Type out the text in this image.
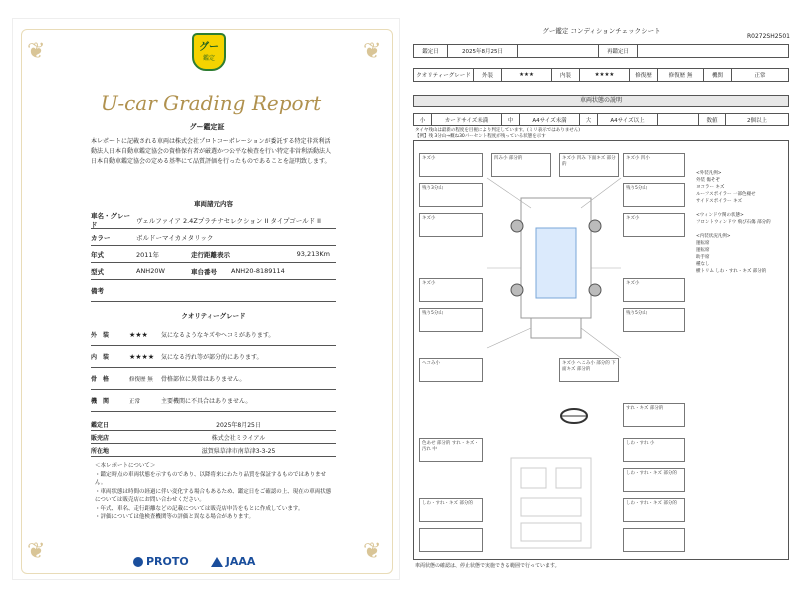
❦	❦
❦	❦
グー
鑑定
U-car Grading Report
グー鑑定証
本レポートに記載される車両は株式会社プロトコーポレーションが委託する特定非営利活動法人日本自動車鑑定協会の資格保有者が厳選かつ公平な検査を行い特定非営利活動法人日本自動車鑑定協会の定める基準にて品質評価を行ったものであることを証明致します。
車両諸元内容
車名・グレード
ヴェルファイア 2.4Zプラチナセレクション II タイプゴールド II
カラー	ボルドーマイカメタリック
年式	2011年	走行距離表示	93,213Km
型式	ANH20W	車台番号	ANH20-8189114
備考
クオリティーグレード
外　装	★★★	気になるようなキズやヘコミがあります。
内　装	★★★★	気になる汚れ等が部分的にあります。
骨　格	修復歴 無	骨格部位に異常はありません。
機　関	正常	主要機関に不具合はありません。
鑑定日	2025年8月25日
販売店	株式会社ミライアル
所在地	滋賀県草津市南草津3-3-25
＜本レポートについて＞
・鑑定時点の車両状態を示すものであり、以降将来にわたり品質を保証するものではありません。
・車両状態は時間の経過に伴い変化する場合もあるため、鑑定日をご確認の上、現在の車両状態については販売店にお問い合わせください。
・年式、車名、走行距離などの記載については販売店申告をもとに作成しています。
・評価については他検査機関等の評価と異なる場合があります。
PROTO	JAAA
グー鑑定 コンディションチェックシート
R0272SH2501
鑑定日	2025年8月25日	再鑑定日
クオリティーグレード	外装	★★★	内装	★★★★	修復歴	修復歴 無	機関	正常
車両状態の説明
小	カードサイズ未満	中	A4サイズ未満	大	A4サイズ以上	数値	2個以上
タイヤ残山は最新の程度を目視により判定しています。(ミリ表示ではありません)
【例】残 3分山→概ね30パーセント程度が残っている状態を示す
キズ小
残り3分山
キズ小
凹み小 部分的	キズ小 凹み 下面キズ 部分的
キズ小 凹小
残り5分山
キズ小
キズ小
残り5分山
キズ小
残り5分山
ヘコみ小	キズ小 へこみ小 部分的 下面キズ 部分的
すれ・キズ 部分的
色あせ 部分的 すれ・キズ・汚れ 中
しわ・すれ 小
しわ・すれ・キズ 部分的
しわ・すれ・キズ 部分的	しわ・すれ・キズ 部分的
<外装凡例>
外装 傷そぞ
ヨコラー キズ
ルーフスポイラー 一部色褪せ
サイドスポイラー キズ

<ウィンドウ関の状態>
フロントウィンドウ 飛び石傷 部分的

<内装状況凡例>
運転席
運転席
助手席
種なし
横トリム しわ・すれ・キズ 部分的
車両状態の確認は、停止状態で実施できる範囲で行っています。
